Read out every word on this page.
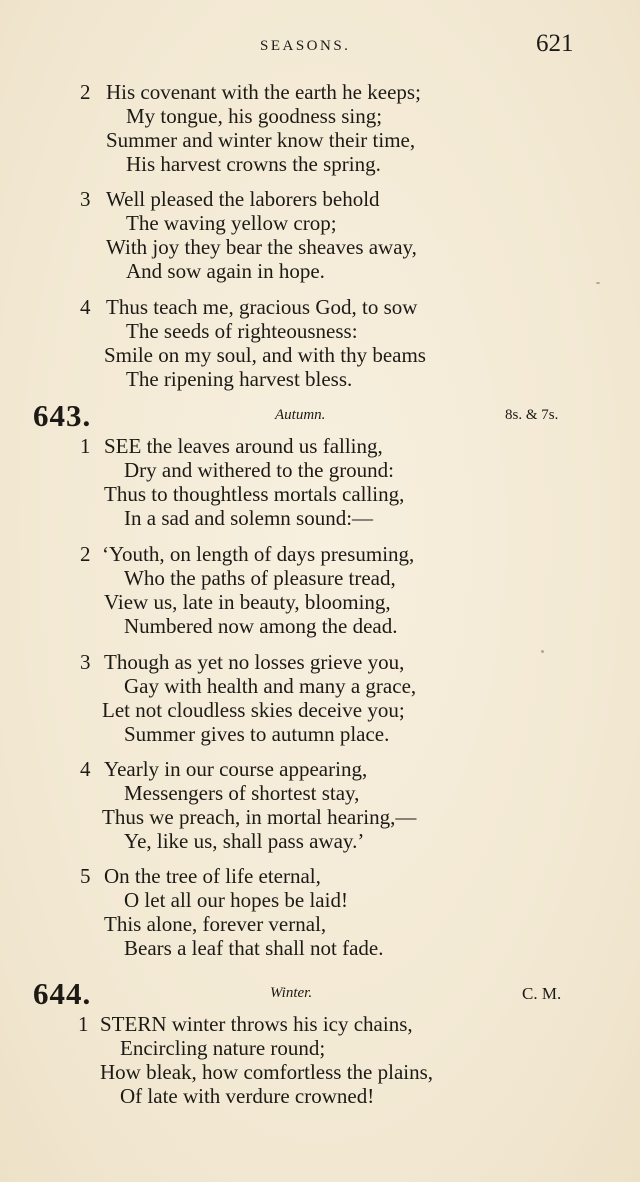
SEASONS.	621
2 His covenant with the earth he keeps;
My tongue, his goodness sing;
Summer and winter know their time,
His harvest crowns the spring.
3 Well pleased the laborers behold
The waving yellow crop;
With joy they bear the sheaves away,
And sow again in hope.
4 Thus teach me, gracious God, to sow
The seeds of righteousness:
Smile on my soul, and with thy beams
The ripening harvest bless.
643.	Autumn.	8s. & 7s.
1 SEE the leaves around us falling,
Dry and withered to the ground:
Thus to thoughtless mortals calling,
In a sad and solemn sound:—
2 ‘Youth, on length of days presuming,
Who the paths of pleasure tread,
View us, late in beauty, blooming,
Numbered now among the dead.
3 Though as yet no losses grieve you,
Gay with health and many a grace,
Let not cloudless skies deceive you;
Summer gives to autumn place.
4 Yearly in our course appearing,
Messengers of shortest stay,
Thus we preach, in mortal hearing,—
Ye, like us, shall pass away.’
5 On the tree of life eternal,
O let all our hopes be laid!
This alone, forever vernal,
Bears a leaf that shall not fade.
644.	Winter.	C. M.
1 STERN winter throws his icy chains,
Encircling nature round;
How bleak, how comfortless the plains,
Of late with verdure crowned!
